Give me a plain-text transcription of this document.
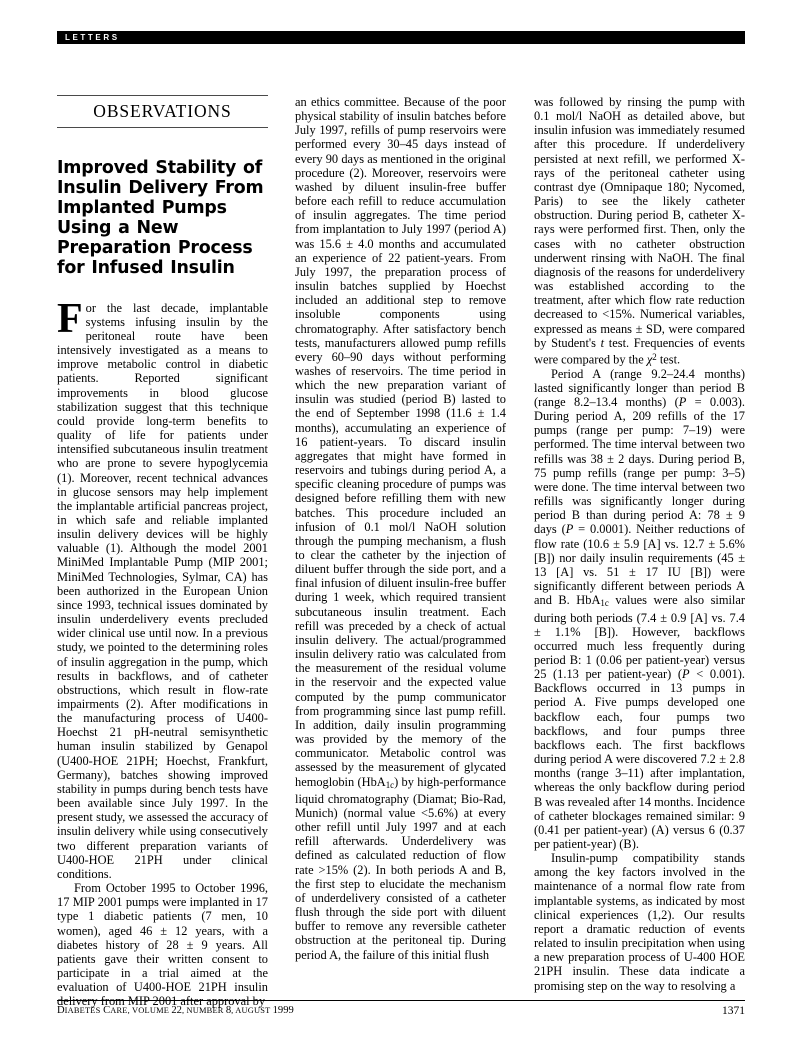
LETTERS
OBSERVATIONS
Improved Stability of Insulin Delivery From Implanted Pumps Using a New Preparation Process for Infused Insulin

For the last decade, implantable systems infusing insulin by the peritoneal route have been intensively investigated as a means to improve metabolic control in diabetic patients. Reported significant improvements in blood glucose stabilization suggest that this technique could provide long-term benefits to quality of life for patients under intensified subcutaneous insulin treatment who are prone to severe hypoglycemia (1). Moreover, recent technical advances in glucose sensors may help implement the implantable artificial pancreas project, in which safe and reliable implanted insulin delivery devices will be highly valuable (1). Although the model 2001 MiniMed Implantable Pump (MIP 2001; MiniMed Technologies, Sylmar, CA) has been authorized in the European Union since 1993, technical issues dominated by insulin underdelivery events precluded wider clinical use until now. In a previous study, we pointed to the determining roles of insulin aggregation in the pump, which results in backflows, and of catheter obstructions, which result in flow-rate impairments (2). After modifications in the manufacturing process of U400-Hoechst 21 pH-neutral semisynthetic human insulin stabilized by Genapol (U400-HOE 21PH; Hoechst, Frankfurt, Germany), batches showing improved stability in pumps during bench tests have been available since July 1997. In the present study, we assessed the accuracy of insulin delivery while using consecutively two different preparation variants of U400-HOE 21PH under clinical conditions.

From October 1995 to October 1996, 17 MIP 2001 pumps were implanted in 17 type 1 diabetic patients (7 men, 10 women), aged 46 ± 12 years, with a diabetes history of 28 ± 9 years. All patients gave their written consent to participate in a trial aimed at the evaluation of U400-HOE 21PH insulin delivery from MIP 2001 after approval by

an ethics committee. Because of the poor physical stability of insulin batches before July 1997, refills of pump reservoirs were performed every 30–45 days instead of every 90 days as mentioned in the original procedure (2). Moreover, reservoirs were washed by diluent insulin-free buffer before each refill to reduce accumulation of insulin aggregates. The time period from implantation to July 1997 (period A) was 15.6 ± 4.0 months and accumulated an experience of 22 patient-years. From July 1997, the preparation process of insulin batches supplied by Hoechst included an additional step to remove insoluble components using chromatography. After satisfactory bench tests, manufacturers allowed pump refills every 60–90 days without performing washes of reservoirs. The time period in which the new preparation variant of insulin was studied (period B) lasted to the end of September 1998 (11.6 ± 1.4 months), accumulating an experience of 16 patient-years. To discard insulin aggregates that might have formed in reservoirs and tubings during period A, a specific cleaning procedure of pumps was designed before refilling them with new batches. This procedure included an infusion of 0.1 mol/l NaOH solution through the pumping mechanism, a flush to clear the catheter by the injection of diluent buffer through the side port, and a final infusion of diluent insulin-free buffer during 1 week, which required transient subcutaneous insulin treatment. Each refill was preceded by a check of actual insulin delivery. The actual/programmed insulin delivery ratio was calculated from the measurement of the residual volume in the reservoir and the expected value computed by the pump communicator from programming since last pump refill. In addition, daily insulin programming was provided by the memory of the communicator. Metabolic control was assessed by the measurement of glycated hemoglobin (HbA$_{1c}$) by high-performance liquid chromatography (Diamat; Bio-Rad, Munich) (normal value <5.6%) at every other refill until July 1997 and at each refill afterwards. Underdelivery was defined as calculated reduction of flow rate >15% (2). In both periods A and B, the first step to elucidate the mechanism of underdelivery consisted of a catheter flush through the side port with diluent buffer to remove any reversible catheter obstruction at the peritoneal tip. During period A, the failure of this initial flush

was followed by rinsing the pump with 0.1 mol/l NaOH as detailed above, but insulin infusion was immediately resumed after this procedure. If underdelivery persisted at next refill, we performed X-rays of the peritoneal catheter using contrast dye (Omnipaque 180; Nycomed, Paris) to see the likely catheter obstruction. During period B, catheter X-rays were performed first. Then, only the cases with no catheter obstruction underwent rinsing with NaOH. The final diagnosis of the reasons for underdelivery was established according to the treatment, after which flow rate reduction decreased to <15%. Numerical variables, expressed as means ± SD, were compared by Student's t test. Frequencies of events were compared by the $\chi^2$ test.

Period A (range 9.2–24.4 months) lasted significantly longer than period B (range 8.2–13.4 months) (P = 0.003). During period A, 209 refills of the 17 pumps (range per pump: 7–19) were performed. The time interval between two refills was 38 ± 2 days. During period B, 75 pump refills (range per pump: 3–5) were done. The time interval between two refills was significantly longer during period B than during period A: 78 ± 9 days (P = 0.0001). Neither reductions of flow rate (10.6 ± 5.9 [A] vs. 12.7 ± 5.6% [B]) nor daily insulin requirements (45 ± 13 [A] vs. 51 ± 17 IU [B]) were significantly different between periods A and B. HbA$_{1c}$ values were also similar during both periods (7.4 ± 0.9 [A] vs. 7.4 ± 1.1% [B]). However, backflows occurred much less frequently during period B: 1 (0.06 per patient-year) versus 25 (1.13 per patient-year) (P < 0.001). Backflows occurred in 13 pumps in period A. Five pumps developed one backflow each, four pumps two backflows, and four pumps three backflows each. The first backflows during period A were discovered 7.2 ± 2.8 months (range 3–11) after implantation, whereas the only backflow during period B was revealed after 14 months. Incidence of catheter blockages remained similar: 9 (0.41 per patient-year) (A) versus 6 (0.37 per patient-year) (B).

Insulin-pump compatibility stands among the key factors involved in the maintenance of a normal flow rate from implantable systems, as indicated by most clinical experiences (1,2). Our results report a dramatic reduction of events related to insulin precipitation when using a new preparation process of U-400 HOE 21PH insulin. These data indicate a promising step on the way to resolving a

DIABETES CARE, VOLUME 22, NUMBER 8, AUGUST 1999	1371
